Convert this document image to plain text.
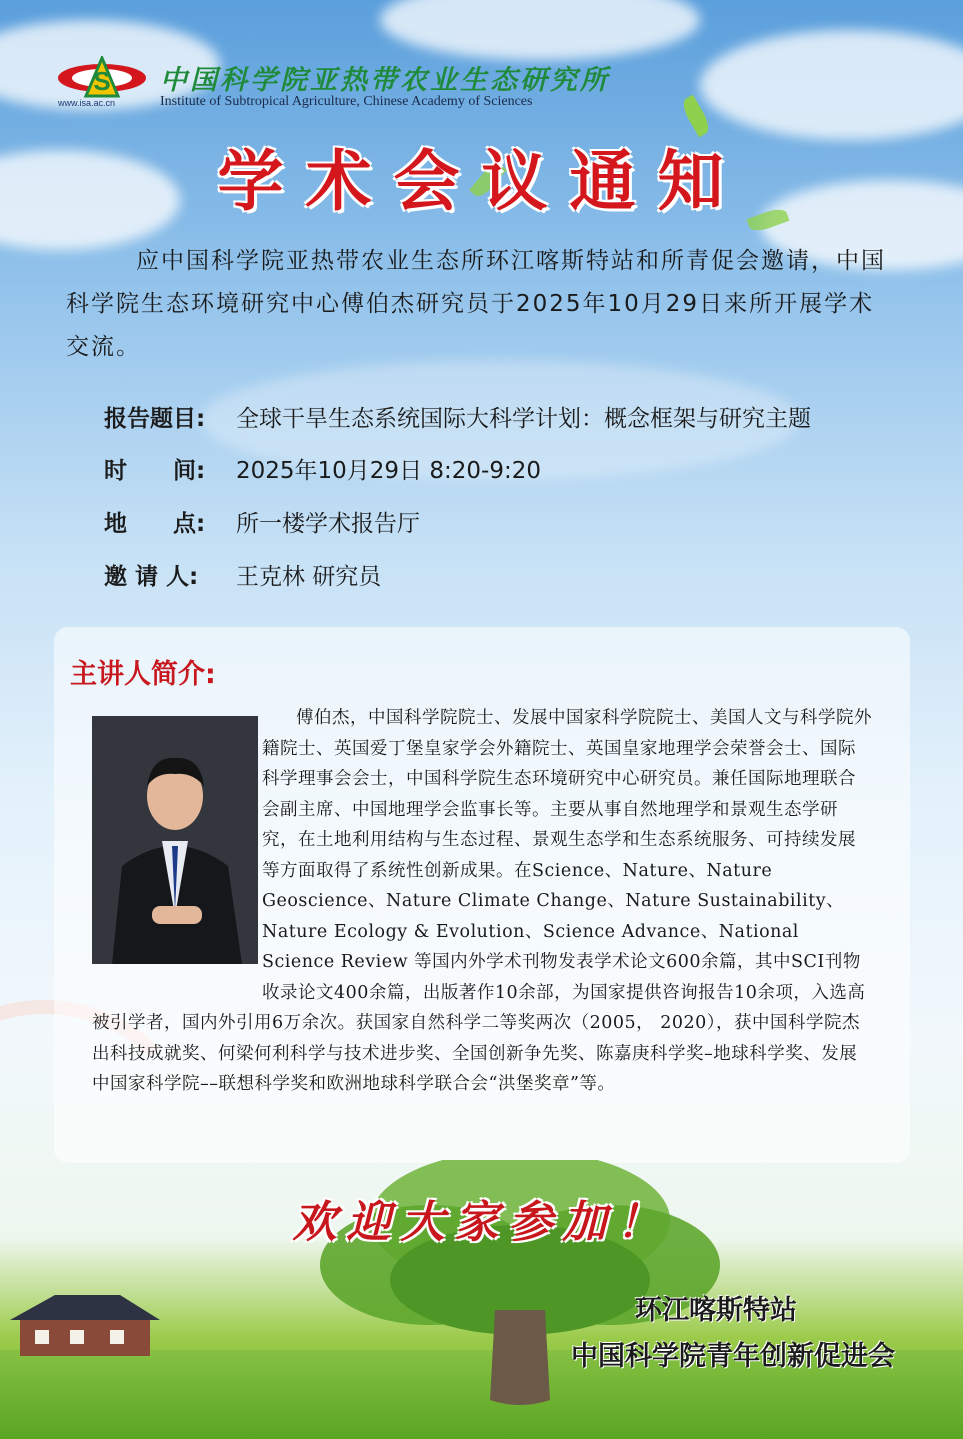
S
www.isa.ac.cn
中国科学院亚热带农业生态研究所
Institute of Subtropical Agriculture, Chinese Academy of Sciences
学术会议通知
应中国科学院亚热带农业生态所环江喀斯特站和所青促会邀请，中国科学院生态环境研究中心傅伯杰研究员于2025年10月29日来所开展学术交流。
报告题目: 全球干旱生态系统国际大科学计划：概念框架与研究主题
时　　间: 2025年10月29日 8:20-9:20
地　　点: 所一楼学术报告厅
邀 请 人: 王克林 研究员
主讲人简介:
傅伯杰，中国科学院院士、发展中国家科学院院士、美国人文与科学院外籍院士、英国爱丁堡皇家学会外籍院士、英国皇家地理学会荣誉会士、国际科学理事会会士，中国科学院生态环境研究中心研究员。兼任国际地理联合会副主席、中国地理学会监事长等。主要从事自然地理学和景观生态学研究，在土地利用结构与生态过程、景观生态学和生态系统服务、可持续发展等方面取得了系统性创新成果。在Science、Nature、Nature Geoscience、Nature Climate Change、Nature Sustainability、Nature Ecology & Evolution、Science Advance、National Science Review 等国内外学术刊物发表学术论文600余篇，其中SCI刊物收录论文400余篇，出版著作10余部，为国家提供咨询报告10余项，入选高被引学者，国内外引用6万余次。获国家自然科学二等奖两次（2005， 2020），获中国科学院杰出科技成就奖、何梁何利科学与技术进步奖、全国创新争先奖、陈嘉庚科学奖–地球科学奖、发展中国家科学院––联想科学奖和欧洲地球科学联合会“洪堡奖章”等。
欢迎大家参加！
环江喀斯特站
中国科学院青年创新促进会
